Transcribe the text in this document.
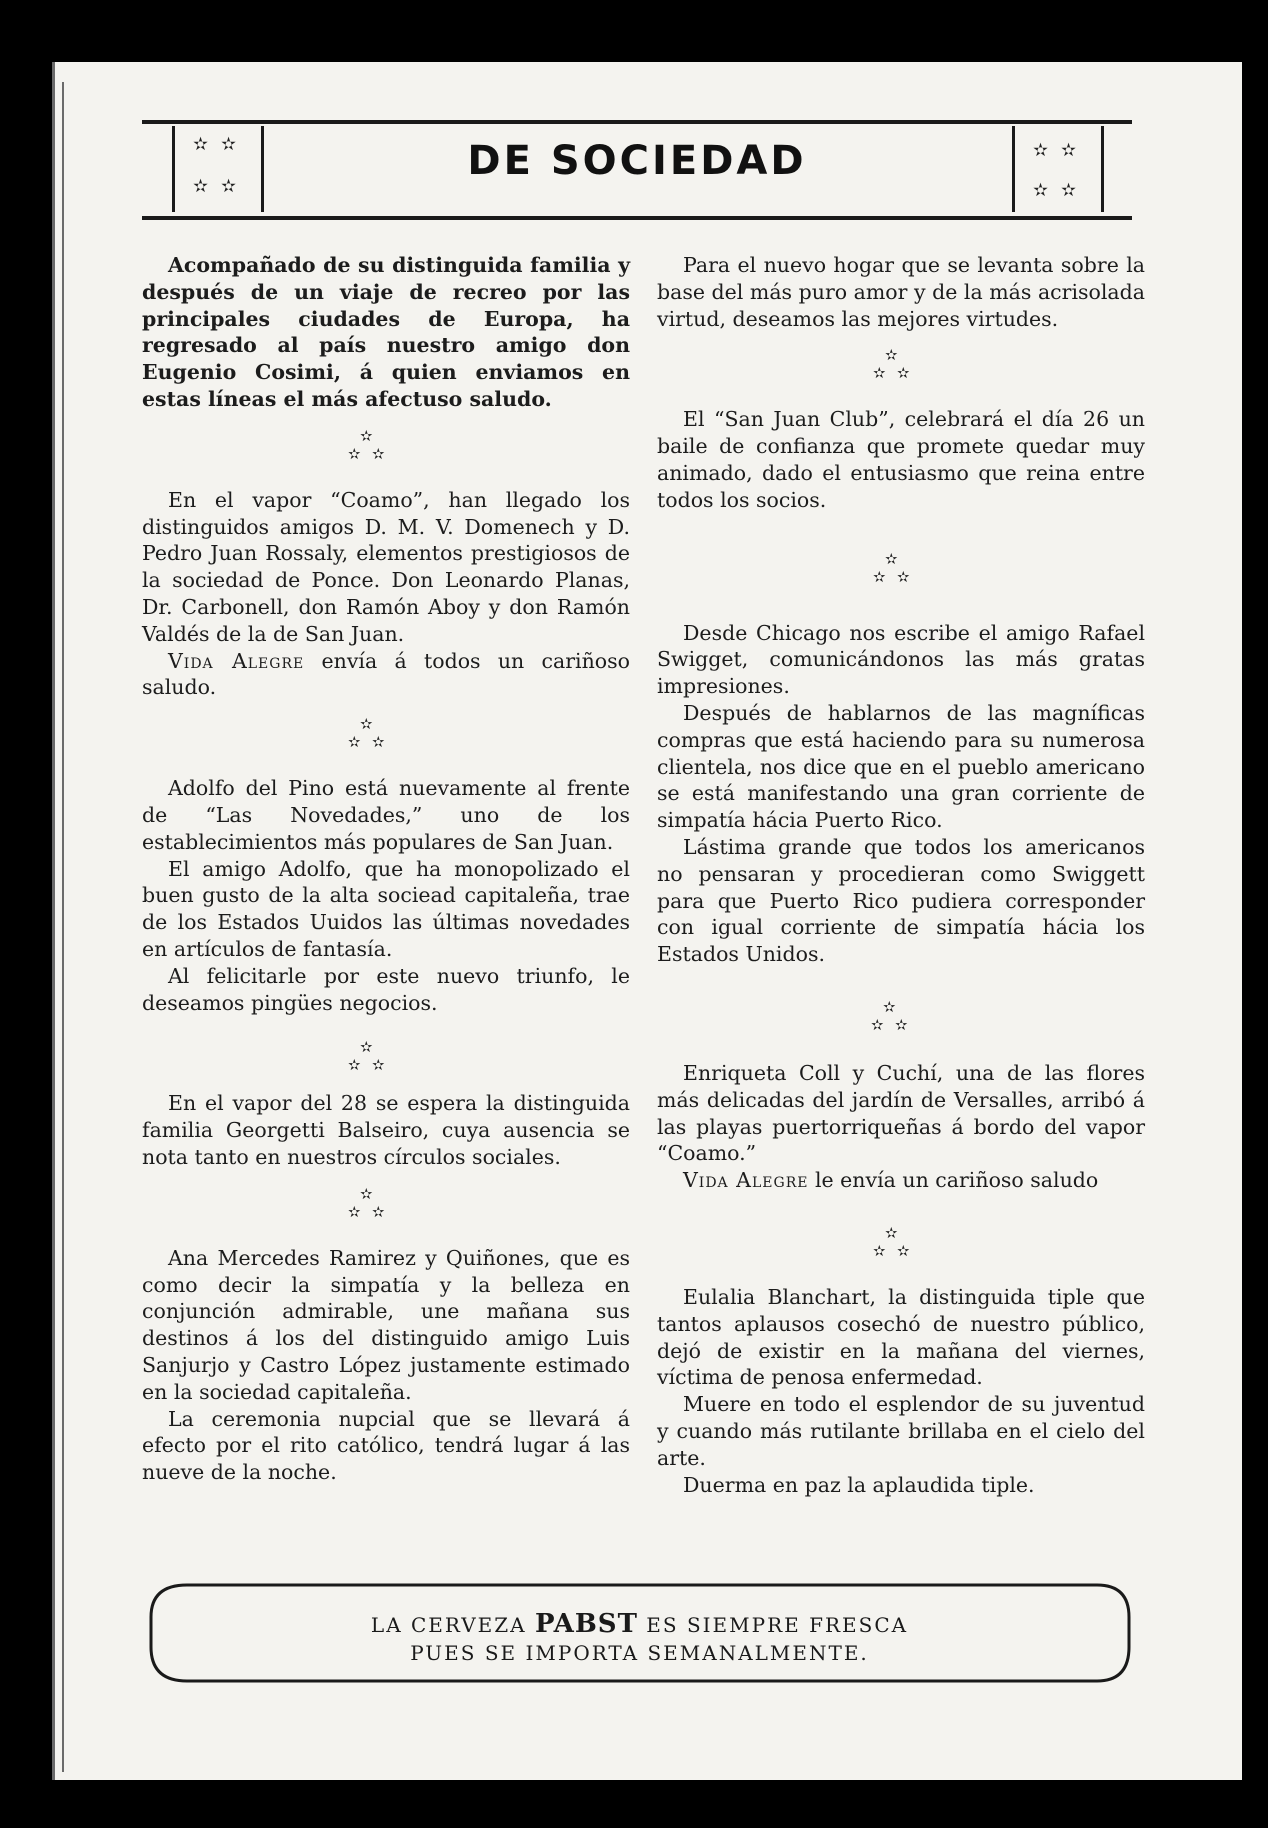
✫ ✫
✫ ✫
DE SOCIEDAD	✫ ✫
✫ ✫

Acompañado de su distinguida familia y después de un viaje de recreo por las principales ciudades de Europa, ha regresado al país nuestro amigo don Eugenio Cosimi, á quien enviamos en estas líneas el más afectuso saludo.

✫
✫ ✫

En el vapor “Coamo”, han llegado los distinguidos amigos D. M. V. Domenech y D. Pedro Juan Rossaly, elementos prestigiosos de la sociedad de Ponce. Don Leonardo Planas, Dr. Carbonell, don Ramón Aboy y don Ramón Valdés de la de San Juan.

Vida Alegre envía á todos un cariñoso saludo.

✫
✫ ✫

Adolfo del Pino está nuevamente al frente de “Las Novedades,” uno de los establecimientos más populares de San Juan.

El amigo Adolfo, que ha monopolizado el buen gusto de la alta sociead capitaleña, trae de los Estados Uuidos las últimas novedades en artículos de fantasía.

Al felicitarle por este nuevo triunfo, le deseamos pingües negocios.

✫
✫ ✫

En el vapor del 28 se espera la distinguida familia Georgetti Balseiro, cuya ausencia se nota tanto en nuestros círculos sociales.

✫
✫ ✫

Ana Mercedes Ramirez y Quiñones, que es como decir la simpatía y la belleza en conjunción admirable, une mañana sus destinos á los del distinguido amigo Luis Sanjurjo y Castro López justamente estimado en la sociedad capitaleña.

La ceremonia nupcial que se llevará á efecto por el rito católico, tendrá lugar á las nueve de la noche.

Para el nuevo hogar que se levanta sobre la base del más puro amor y de la más acrisolada virtud, deseamos las mejores virtudes.

✫
✫ ✫

El “San Juan Club”, celebrará el día 26 un baile de confianza que promete quedar muy animado, dado el entusiasmo que reina entre todos los socios.

✫
✫ ✫

Desde Chicago nos escribe el amigo Rafael Swigget, comunicándonos las más gratas impresiones.

Después de hablarnos de las magníficas compras que está haciendo para su numerosa clientela, nos dice que en el pueblo americano se está manifestando una gran corriente de simpatía hácia Puerto Rico.

Lástima grande que todos los americanos no pensaran y procedieran como Swiggett para que Puerto Rico pudiera corresponder con igual corriente de simpatía hácia los Estados Unidos.

✫
✫ ✫

Enriqueta Coll y Cuchí, una de las flores más delicadas del jardín de Versalles, arribó á las playas puertorriqueñas á bordo del vapor “Coamo.”

Vida Alegre le envía un cariñoso saludo

✫
✫ ✫

Eulalia Blanchart, la distinguida tiple que tantos aplausos cosechó de nuestro público, dejó de existir en la mañana del viernes, víctima de penosa enfermedad.

Muere en todo el esplendor de su juventud y cuando más rutilante brillaba en el cielo del arte.

Duerma en paz la aplaudida tiple.

LA CERVEZA PABST ES SIEMPRE FRESCA
PUES SE IMPORTA SEMANALMENTE.
